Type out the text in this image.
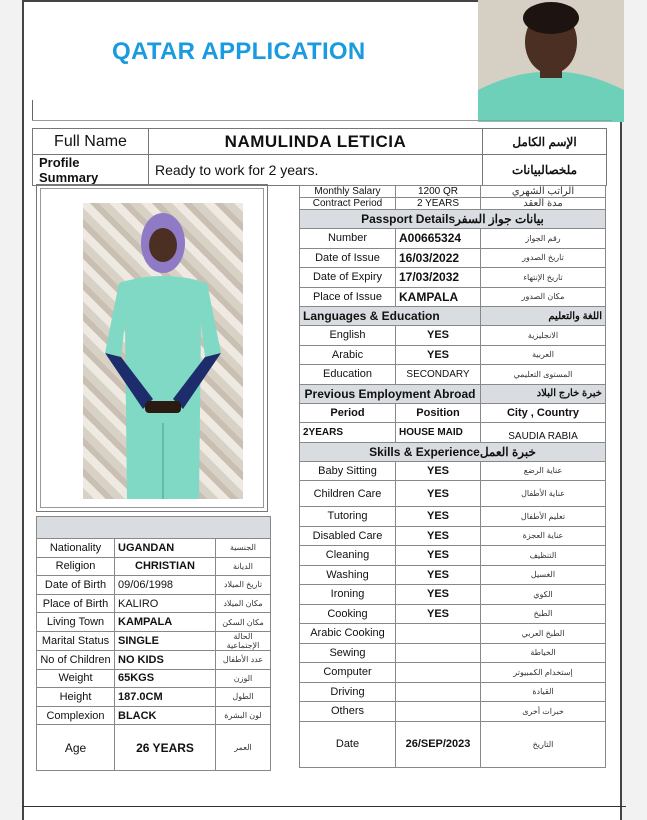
QATAR APPLICATION
Full Name	NAMULINDA LETICIA	الإسم الكامل
Profile Summary	Ready to work for 2 years.	ملخصالبيانات

Nationality	UGANDAN	الجنسية
Religion	CHRISTIAN	الديانة
Date of Birth	09/06/1998	تاريخ الميلاد
Place of Birth	KALIRO	مكان الميلاد
Living Town	KAMPALA	مكان السكن
Marital Status	SINGLE	الحالة الإجتماعية
No of Children	NO KIDS	عدد الأطفال
Weight	65KGS	الوزن
Height	187.0CM	الطول
Complexion	BLACK	لون البشرة
Age	26 YEARS	العمر
Monthly Salary	1200 QR	الراتب الشهري
Contract Period	2 YEARS	مدة العقد
Passport Detailsبيانات جواز السفر		
Number	A00665324	رقم الجواز
Date of Issue	16/03/2022	تاريخ الصدور
Date of Expiry	17/03/2032	تاريخ الإنتهاء
Place of Issue	KAMPALA	مكان الصدور
Languages & Education		اللغة والتعليم
English	YES	الانجليزية
Arabic	YES	العربية
Education	SECONDARY	المستوى التعليمي
Previous Employment Abroad		خبرة خارج البلاد
Period	Position	City , Country
2YEARS	HOUSE MAID	SAUDIA RABIA
Skills & Experienceخبرة العمل		
Baby Sitting	YES	عناية الرضع
Children Care	YES	عناية الأطفال
Tutoring	YES	تعليم الأطفال
Disabled Care	YES	عناية العجزة
Cleaning	YES	التنظيف
Washing	YES	الغسيل
Ironing	YES	الكوي
Cooking	YES	الطبخ
Arabic Cooking		الطبخ العربي
Sewing		الخياطة
Computer		إستخدام الكمبيوتر
Driving		القيادة
Others		خبرات أخرى
Date	26/SEP/2023	التاريخ
